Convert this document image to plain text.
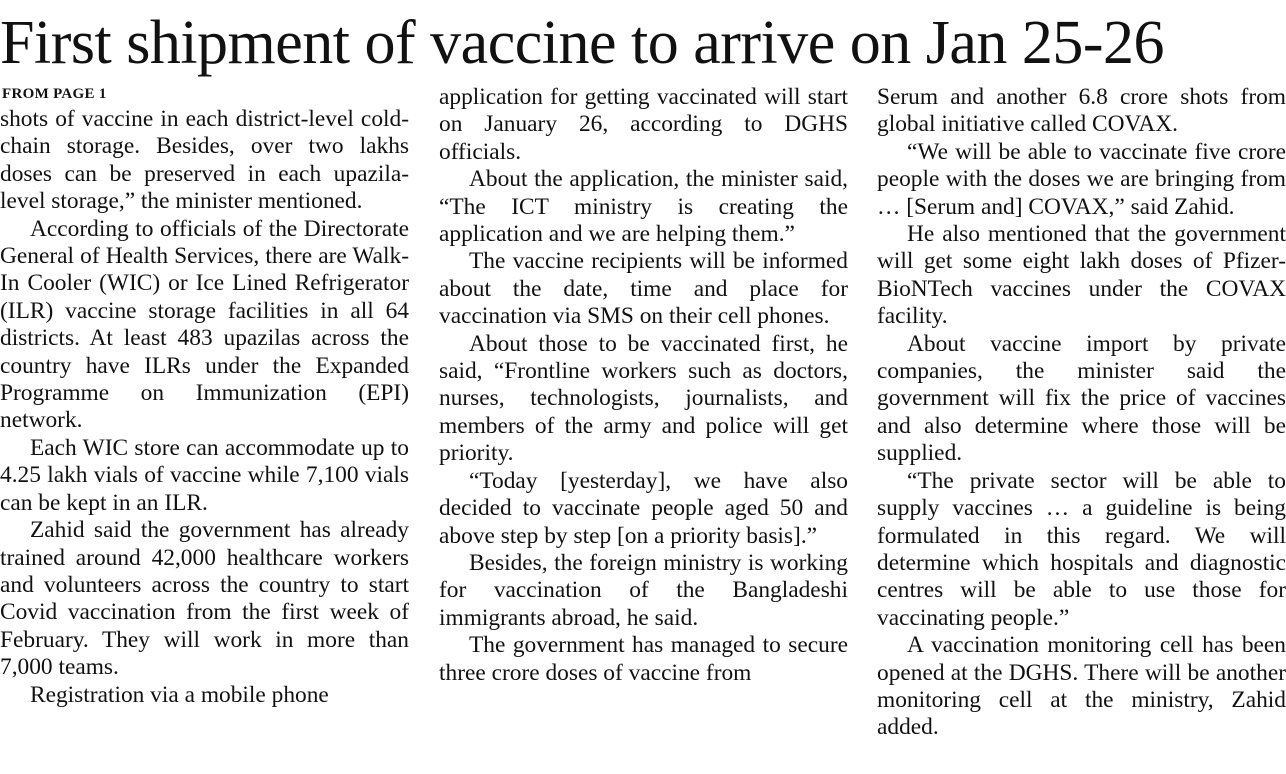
First shipment of vaccine to arrive on Jan 25-26
FROM PAGE 1

shots of vaccine in each district-level cold-chain storage. Besides, over two lakhs doses can be preserved in each upazila-level storage,” the minister mentioned.

According to officials of the Directorate General of Health Services, there are Walk-In Cooler (WIC) or Ice Lined Refrigerator (ILR) vaccine storage facilities in all 64 districts. At least 483 upazilas across the country have ILRs under the Expanded Programme on Immunization (EPI) network.

Each WIC store can accommodate up to 4.25 lakh vials of vaccine while 7,100 vials can be kept in an ILR.

Zahid said the government has already trained around 42,000 healthcare workers and volunteers across the country to start Covid vaccination from the first week of February. They will work in more than 7,000 teams.

Registration via a mobile phone

application for getting vaccinated will start on January 26, according to DGHS officials.

About the application, the minister said, “The ICT ministry is creating the application and we are helping them.”

The vaccine recipients will be informed about the date, time and place for vaccination via SMS on their cell phones.

About those to be vaccinated first, he said, “Frontline workers such as doctors, nurses, technologists, journalists, and members of the army and police will get priority.

“Today [yesterday], we have also decided to vaccinate people aged 50 and above step by step [on a priority basis].”

Besides, the foreign ministry is working for vaccination of the Bangladeshi immigrants abroad, he said.

The government has managed to secure three crore doses of vaccine from

Serum and another 6.8 crore shots from global initiative called COVAX.

“We will be able to vaccinate five crore people with the doses we are bringing from … [Serum and] COVAX,” said Zahid.

He also mentioned that the government will get some eight lakh doses of Pfizer-BioNTech vaccines under the COVAX facility.

About vaccine import by private companies, the minister said the government will fix the price of vaccines and also determine where those will be supplied.

“The private sector will be able to supply vaccines … a guideline is being formulated in this regard. We will determine which hospitals and diagnostic centres will be able to use those for vaccinating people.”

A vaccination monitoring cell has been opened at the DGHS. There will be another monitoring cell at the ministry, Zahid added.
